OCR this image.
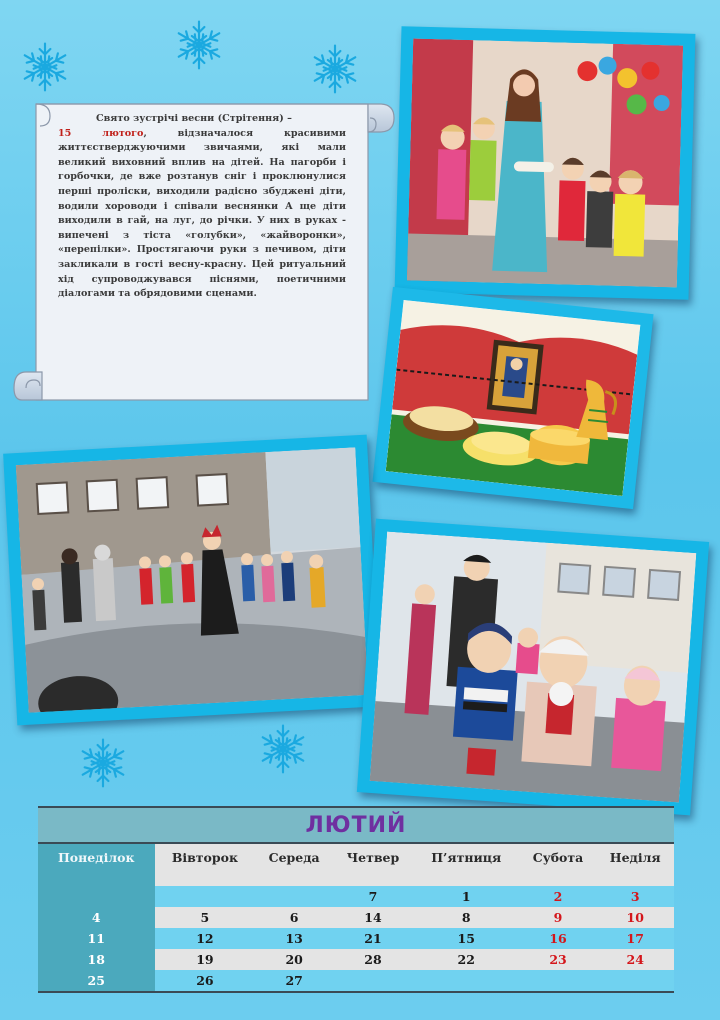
Свято зустрічі весни (Стрітення) –
15 лютого, відзначалося красивими життєстверджуючими звичаями, які мали великий виховний вплив на дітей. На пагорби і горбочки, де вже розтанув сніг і проклюнулися перші проліски, виходили радісно збуджені діти, водили хороводи і співали веснянки А ще діти виходили в гай, на луг, до річки. У них в руках - випечені з тіста «голубки», «жайворонки», «перепілки». Простягаючи руки з печивом, діти закликали в гості весну-красну. Цей ритуальний хід супроводжувався піснями, поетичними діалогами та обрядовими сценами.
ЛЮТИЙ
Понеділок	Вівторок	Середа	Четвер	П’ятниця	Субота	Неділя
			7	1	2	3
4	5	6	14	8	9	10
11	12	13	21	15	16	17
18	19	20	28	22	23	24
25	26	27				
